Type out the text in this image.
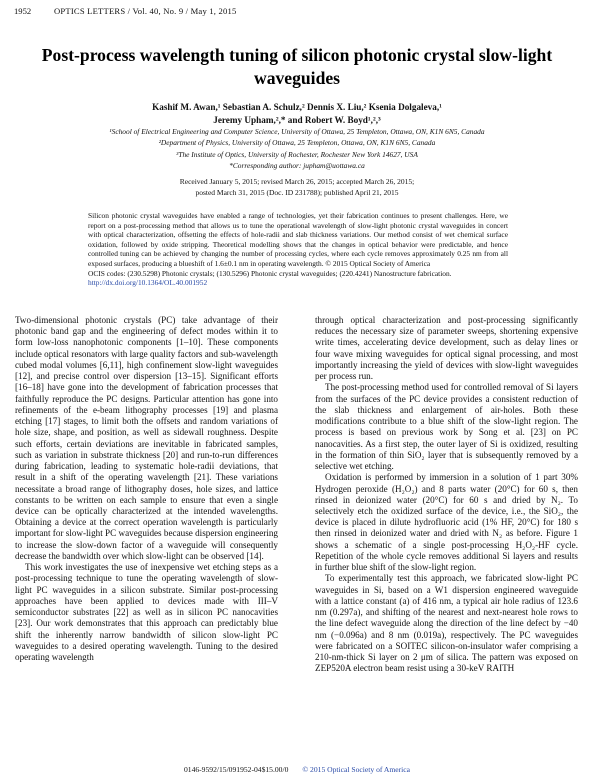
1952	OPTICS LETTERS / Vol. 40, No. 9 / May 1, 2015
Post-process wavelength tuning of silicon photonic crystal slow-light waveguides
Kashif M. Awan,¹ Sebastian A. Schulz,² Dennis X. Liu,² Ksenia Dolgaleva,¹
Jeremy Upham,²,* and Robert W. Boyd¹,²,³
¹School of Electrical Engineering and Computer Science, University of Ottawa, 25 Templeton, Ottawa, ON, K1N 6N5, Canada
²Department of Physics, University of Ottawa, 25 Templeton, Ottawa, ON, K1N 6N5, Canada
³The Institute of Optics, University of Rochester, Rochester New York 14627, USA
*Corresponding author: jupham@uottawa.ca
Received January 5, 2015; revised March 26, 2015; accepted March 26, 2015;
posted March 31, 2015 (Doc. ID 231788); published April 21, 2015
Silicon photonic crystal waveguides have enabled a range of technologies, yet their fabrication continues to present challenges. Here, we report on a post-processing method that allows us to tune the operational wavelength of slow-light photonic crystal waveguides in concert with optical characterization, offsetting the effects of hole-radii and slab thickness variations. Our method consist of wet chemical surface oxidation, followed by oxide stripping. Theoretical modelling shows that the changes in optical behavior were predictable, and hence controlled tuning can be achieved by changing the number of processing cycles, where each cycle removes approximately 0.25 nm from all exposed surfaces, producing a blueshift of 1.6±0.1 nm in operating wavelength. © 2015 Optical Society of America
OCIS codes: (230.5298) Photonic crystals; (130.5296) Photonic crystal waveguides; (220.4241) Nanostructure fabrication.
http://dx.doi.org/10.1364/OL.40.001952

Two-dimensional photonic crystals (PC) take advantage of their photonic band gap and the engineering of defect modes within it to form low-loss nanophotonic components [1–10]. These components include optical resonators with large quality factors and sub-wavelength cubed modal volumes [6,11], high confinement slow-light waveguides [12], and precise control over dispersion [13–15]. Significant efforts [16–18] have gone into the development of fabrication processes that faithfully reproduce the PC designs. Particular attention has gone into refinements of the e-beam lithography processes [19] and plasma etching [17] stages, to limit both the offsets and random variations of hole size, shape, and position, as well as sidewall roughness. Despite such efforts, certain deviations are inevitable in fabricated samples, such as variation in substrate thickness [20] and run-to-run differences during fabrication, leading to systematic hole-radii deviations, that result in a shift of the operating wavelength [21]. These variations necessitate a broad range of lithography doses, hole sizes, and lattice constants to be written on each sample to ensure that even a single device can be optically characterized at the intended wavelengths. Obtaining a device at the correct operation wavelength is particularly important for slow-light PC waveguides because dispersion engineering to increase the slow-down factor of a waveguide will consequently decrease the bandwidth over which slow-light can be observed [14].

This work investigates the use of inexpensive wet etching steps as a post-processing technique to tune the operating wavelength of slow-light PC waveguides in a silicon substrate. Similar post-processing approaches have been applied to devices made with III–V semiconductor substrates [22] as well as in silicon PC nanocavities [23]. Our work demonstrates that this approach can predictably blue shift the inherently narrow bandwidth of silicon slow-light PC waveguides to a desired operating wavelength. Tuning to the desired operating wavelength

through optical characterization and post-processing significantly reduces the necessary size of parameter sweeps, shortening expensive write times, accelerating device development, such as delay lines or four wave mixing waveguides for optical signal processing, and most importantly increasing the yield of devices with slow-light waveguides per process run.

The post-processing method used for controlled removal of Si layers from the surfaces of the PC device provides a consistent reduction of the slab thickness and enlargement of air-holes. Both these modifications contribute to a blue shift of the slow-light region. The process is based on previous work by Song et al. [23] on PC nanocavities. As a first step, the outer layer of Si is oxidized, resulting in the formation of thin SiO₂ layer that is subsequently removed by a selective wet etching.

Oxidation is performed by immersion in a solution of 1 part 30% Hydrogen peroxide (H₂O₂) and 8 parts water (20°C) for 60 s, then rinsed in deionized water (20°C) for 60 s and dried by N₂. To selectively etch the oxidized surface of the device, i.e., the SiO₂, the device is placed in dilute hydrofluoric acid (1% HF, 20°C) for 180 s then rinsed in deionized water and dried with N₂ as before. Figure 1 shows a schematic of a single post-processing H₂O₂-HF cycle. Repetition of the whole cycle removes additional Si layers and results in further blue shift of the slow-light region.

To experimentally test this approach, we fabricated slow-light PC waveguides in Si, based on a W1 dispersion engineered waveguide with a lattice constant (a) of 416 nm, a typical air hole radius of 123.6 nm (0.297a), and shifting of the nearest and next-nearest hole rows to the line defect waveguide along the direction of the line defect by −40 nm (−0.096a) and 8 nm (0.019a), respectively. The PC waveguides were fabricated on a SOITEC silicon-on-insulator wafer comprising a 210-nm-thick Si layer on 2 μm of silica. The pattern was exposed on ZEP520A electron beam resist using a 30-keV RAITH

0146-9592/15/091952-04$15.00/0 © 2015 Optical Society of America
